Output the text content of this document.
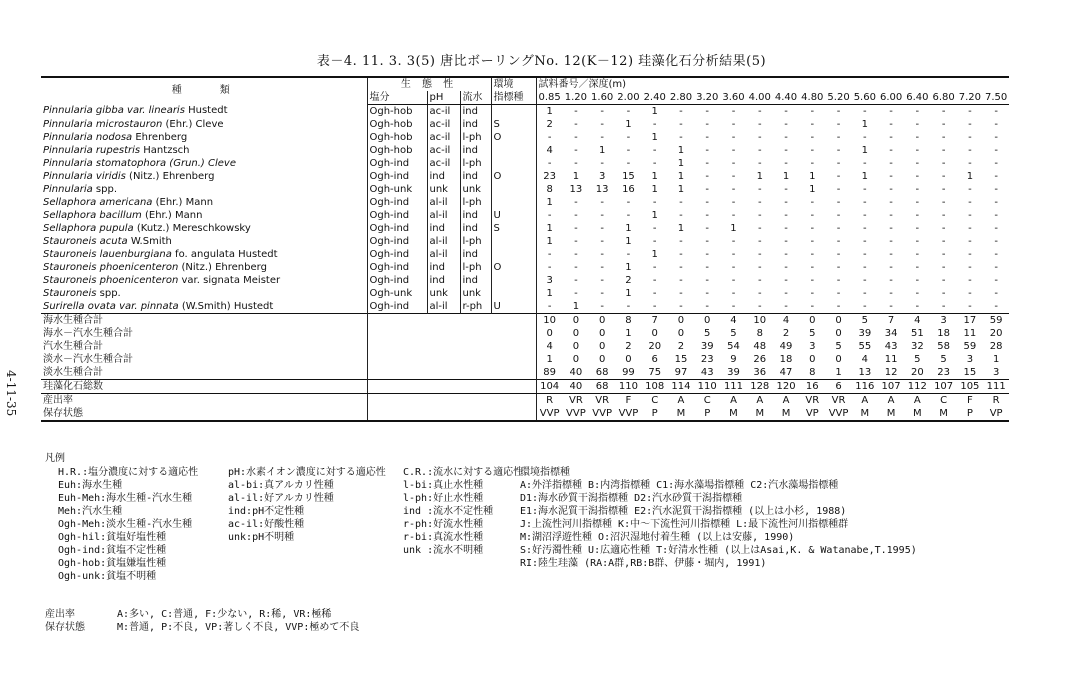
表－4. 11. 3. 3(5) 唐比ボーリングNo. 12(K－12) 珪藻化石分析結果(5)
4-11-35
種　　類	生 態 性			環境	試料番号／深度(m)																	
	塩分	pH	流水	指標種	0.85	1.20	1.60	2.00	2.40	2.80	3.20	3.60	4.00	4.40	4.80	5.20	5.60	6.00	6.40	6.80	7.20	7.50
Pinnularia gibba var. linearis Hustedt	Ogh-hob	ac-il	ind		1	-	-	-	1	-	-	-	-	-	-	-	-	-	-	-	-	-
Pinnularia microstauron (Ehr.) Cleve	Ogh-hob	ac-il	ind	S	2	-	-	1	-	-	-	-	-	-	-	-	1	-	-	-	-	-
Pinnularia nodosa Ehrenberg	Ogh-hob	ac-il	l-ph	O	-	-	-	-	1	-	-	-	-	-	-	-	-	-	-	-	-	-
Pinnularia rupestris Hantzsch	Ogh-hob	ac-il	ind		4	-	1	-	-	1	-	-	-	-	-	-	1	-	-	-	-	-
Pinnularia stomatophora (Grun.) Cleve	Ogh-ind	ac-il	l-ph		-	-	-	-	-	1	-	-	-	-	-	-	-	-	-	-	-	-
Pinnularia viridis (Nitz.) Ehrenberg	Ogh-ind	ind	ind	O	23	1	3	15	1	1	-	-	1	1	1	-	1	-	-	-	1	-
Pinnularia spp.	Ogh-unk	unk	unk		8	13	13	16	1	1	-	-	-	-	1	-	-	-	-	-	-	-
Sellaphora americana (Ehr.) Mann	Ogh-ind	al-il	l-ph		1	-	-	-	-	-	-	-	-	-	-	-	-	-	-	-	-	-
Sellaphora bacillum (Ehr.) Mann	Ogh-ind	al-il	ind	U	-	-	-	-	1	-	-	-	-	-	-	-	-	-	-	-	-	-
Sellaphora pupula (Kutz.) Mereschkowsky	Ogh-ind	ind	ind	S	1	-	-	1	-	1	-	1	-	-	-	-	-	-	-	-	-	-
Stauroneis acuta W.Smith	Ogh-ind	al-il	l-ph		1	-	-	1	-	-	-	-	-	-	-	-	-	-	-	-	-	-
Stauroneis lauenburgiana fo. angulata Hustedt	Ogh-ind	al-il	ind		-	-	-	-	1	-	-	-	-	-	-	-	-	-	-	-	-	-
Stauroneis phoenicenteron (Nitz.) Ehrenberg	Ogh-ind	ind	l-ph	O	-	-	-	1	-	-	-	-	-	-	-	-	-	-	-	-	-	-
Stauroneis phoenicenteron var. signata Meister	Ogh-ind	ind	ind		3	-	-	2	-	-	-	-	-	-	-	-	-	-	-	-	-	-
Stauroneis spp.	Ogh-unk	unk	unk		1	-	-	1	-	-	-	-	-	-	-	-	-	-	-	-	-	-
Surirella ovata var. pinnata (W.Smith) Hustedt	Ogh-ind	al-il	r-ph	U	-	1	-	-	-	-	-	-	-	-	-	-	-	-	-	-	-	-
海水生種合計					10	0	0	8	7	0	0	4	10	4	0	0	5	7	4	3	17	59
海水－汽水生種合計					0	0	0	1	0	0	5	5	8	2	5	0	39	34	51	18	11	20
汽水生種合計					4	0	0	2	20	2	39	54	48	49	3	5	55	43	32	58	59	28
淡水－汽水生種合計					1	0	0	0	6	15	23	9	26	18	0	0	4	11	5	5	3	1
淡水生種合計					89	40	68	99	75	97	43	39	36	47	8	1	13	12	20	23	15	3
珪藻化石総数					104	40	68	110	108	114	110	111	128	120	16	6	116	107	112	107	105	111
産出率					R	VR	VR	F	C	A	C	A	A	A	VR	VR	A	A	A	C	F	R
保存状態					VVP	VVP	VVP	VVP	P	M	P	M	M	M	VP	VVP	M	M	M	M	P	VP
凡例
H.R.:塩分濃度に対する適応性
Euh:海水生種
Euh-Meh:海水生種-汽水生種
Meh:汽水生種
Ogh-Meh:淡水生種-汽水生種
Ogh-hil:貧塩好塩性種
Ogh-ind:貧塩不定性種
Ogh-hob:貧塩嫌塩性種
Ogh-unk:貧塩不明種
pH:水素イオン濃度に対する適応性
al-bi:真アルカリ性種
al-il:好アルカリ性種
ind:pH不定性種
ac-il:好酸性種
unk:pH不明種
C.R.:流水に対する適応性
l-bi:真止水性種
l-ph:好止水性種
ind :流水不定性種
r-ph:好流水性種
r-bi:真流水性種
unk :流水不明種
環境指標種
A:外洋指標種 B:内湾指標種 C1:海水藻場指標種 C2:汽水藻場指標種
D1:海水砂質干潟指標種 D2:汽水砂質干潟指標種
E1:海水泥質干潟指標種 E2:汽水泥質干潟指標種 (以上は小杉, 1988)
J:上流性河川指標種 K:中～下流性河川指標種 L:最下流性河川指標種群
M:湖沼浮遊性種 O:沼沢湿地付着生種 (以上は安藤, 1990)
S:好汚濁性種 U:広適応性種 T:好清水性種 (以上はAsai,K. & Watanabe,T.1995)
RI:陸生珪藻 (RA:A群,RB:B群、伊藤・堀内, 1991)
産出率	A:多い, C:普通, F:少ない, R:稀, VR:極稀
保存状態	M:普通, P:不良, VP:著しく不良, VVP:極めて不良
